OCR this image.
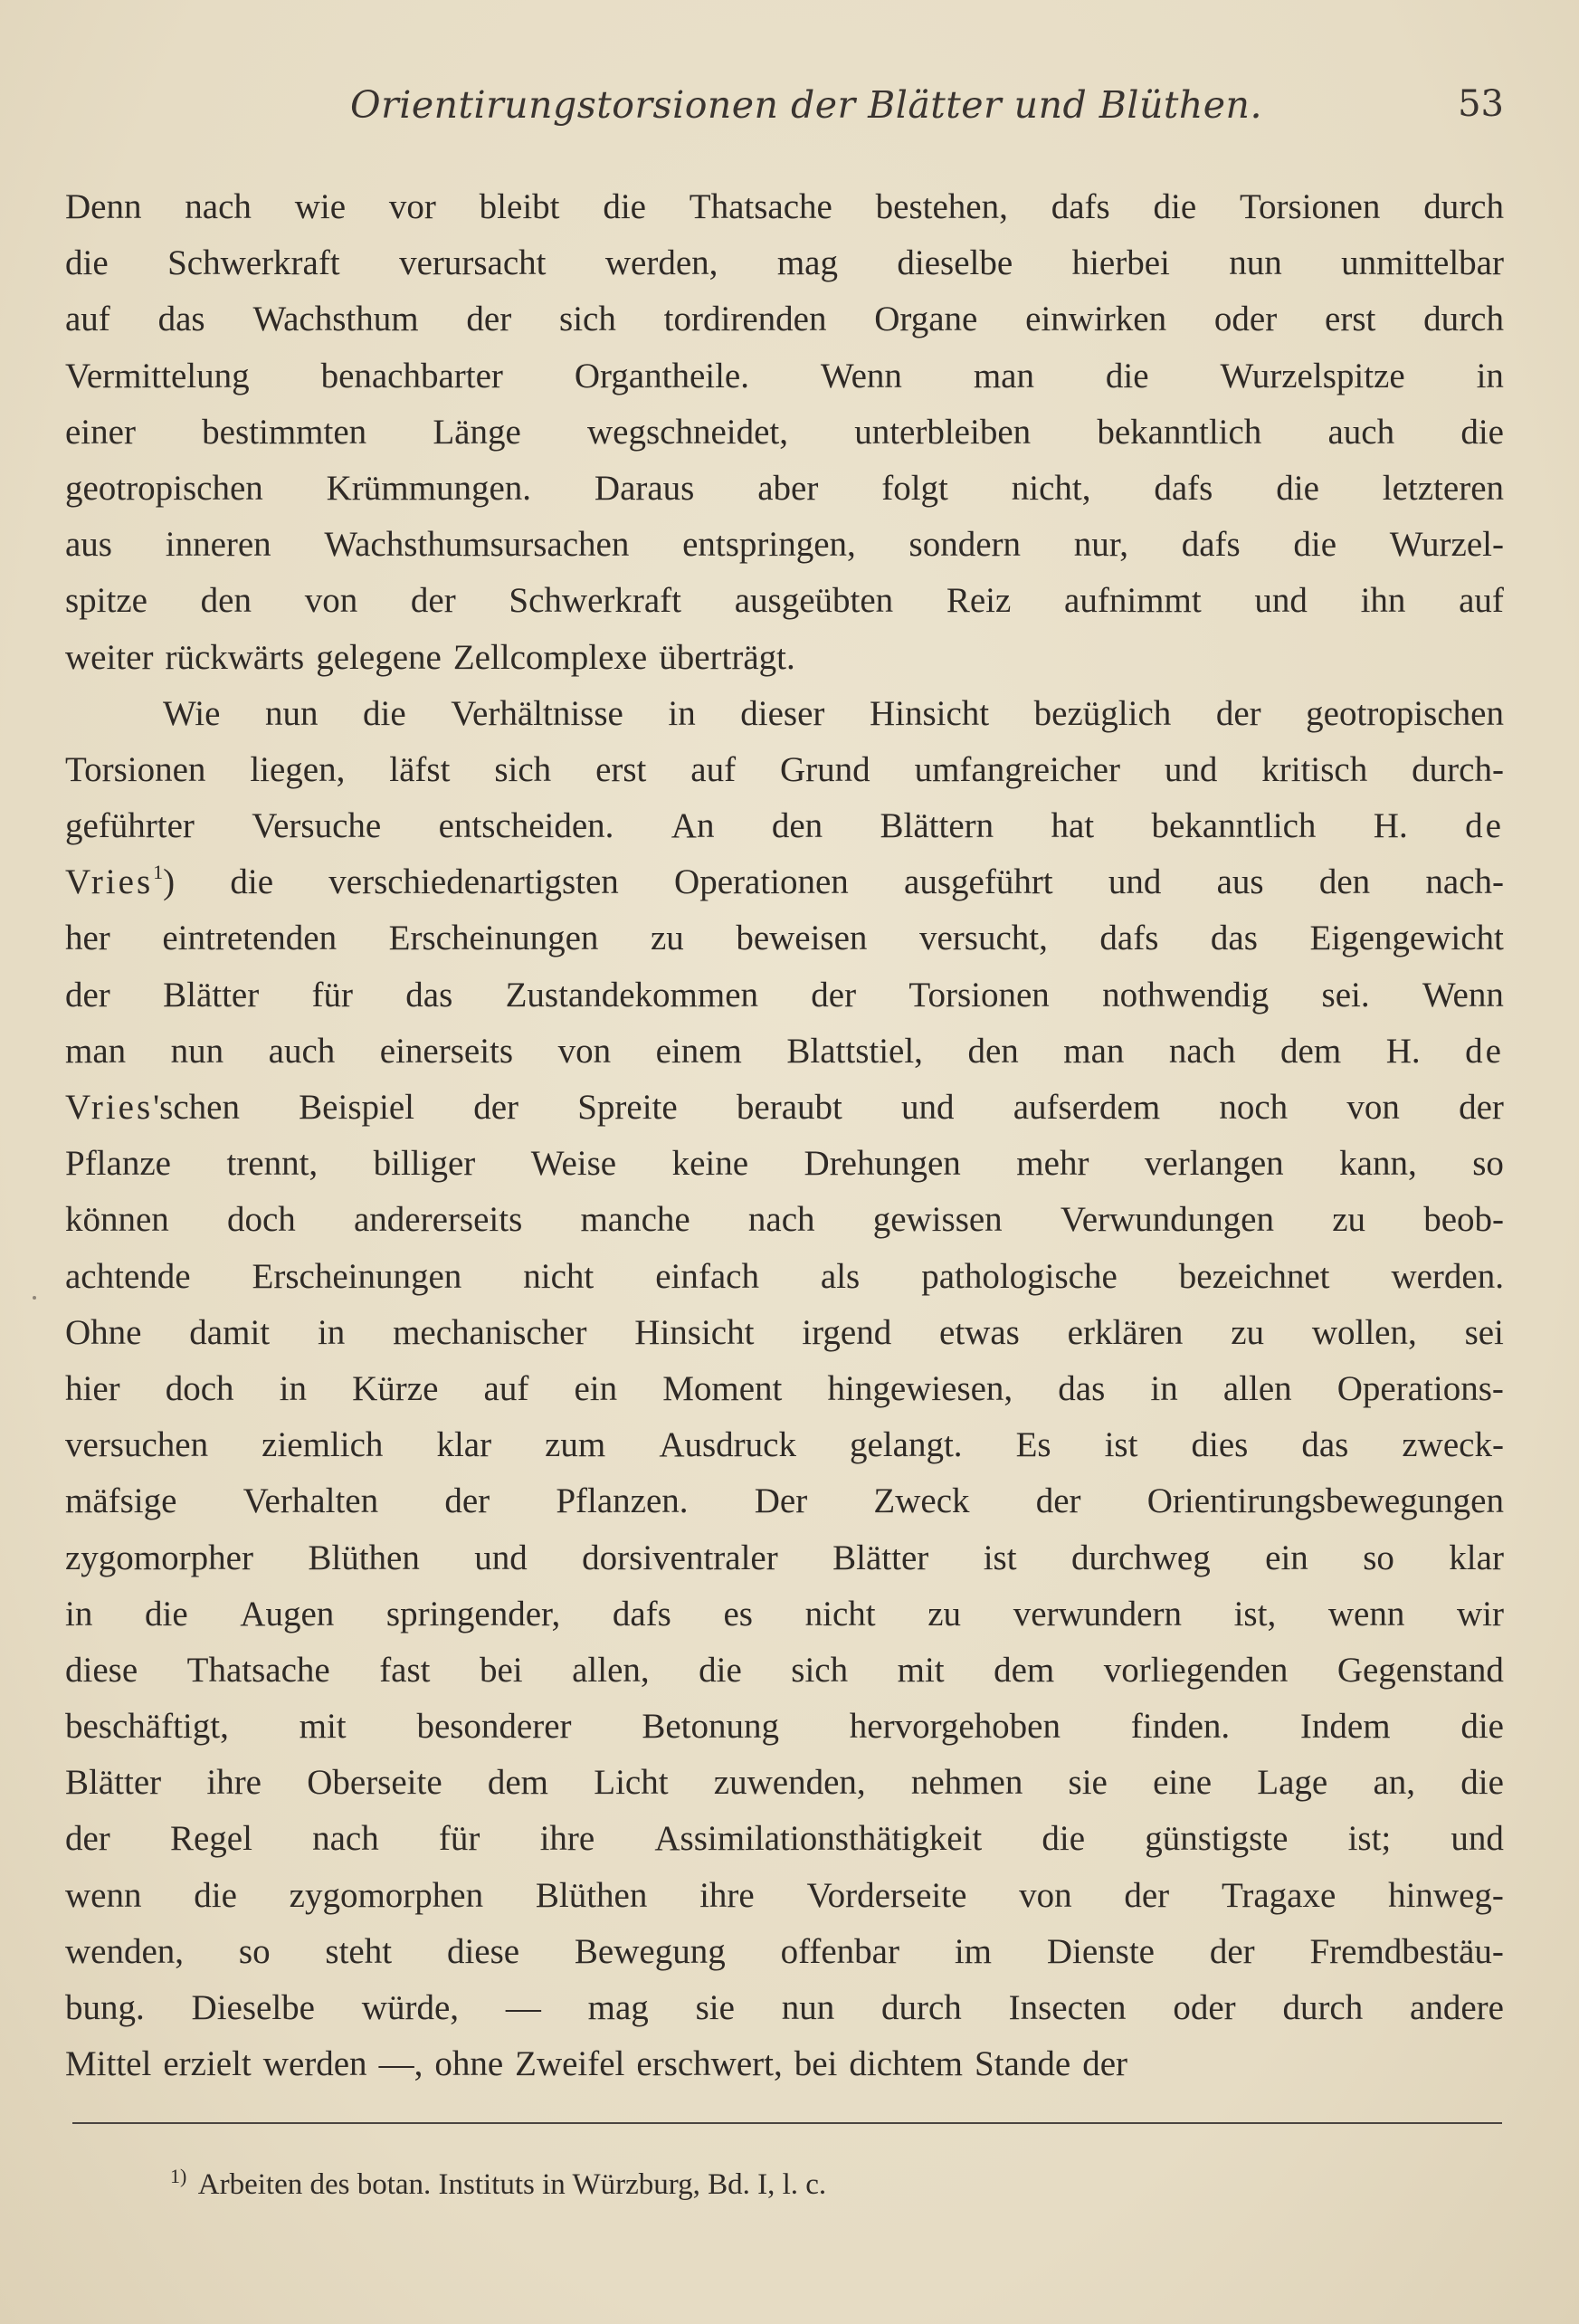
Orientirungstorsionen der Blätter und Blüthen.	53
Denn nach wie vor bleibt die Thatsache bestehen, dafs die Torsionen durch
die Schwerkraft verursacht werden, mag dieselbe hierbei nun unmittelbar
auf das Wachsthum der sich tordirenden Organe einwirken oder erst durch
Vermittelung benachbarter Organtheile. Wenn man die Wurzelspitze in
einer bestimmten Länge wegschneidet, unterbleiben bekanntlich auch die
geotropischen Krümmungen. Daraus aber folgt nicht, dafs die letzteren
aus inneren Wachsthumsursachen entspringen, sondern nur, dafs die Wurzel-
spitze den von der Schwerkraft ausgeübten Reiz aufnimmt und ihn auf
weiter rückwärts gelegene Zellcomplexe überträgt.
Wie nun die Verhältnisse in dieser Hinsicht bezüglich der geotropischen
Torsionen liegen, läfst sich erst auf Grund umfangreicher und kritisch durch-
geführter Versuche entscheiden. An den Blättern hat bekanntlich H. de
Vries$^1$) die verschiedenartigsten Operationen ausgeführt und aus den nach-
her eintretenden Erscheinungen zu beweisen versucht, dafs das Eigengewicht
der Blätter für das Zustandekommen der Torsionen nothwendig sei. Wenn
man nun auch einerseits von einem Blattstiel, den man nach dem H. de
Vries'schen Beispiel der Spreite beraubt und aufserdem noch von der
Pflanze trennt, billiger Weise keine Drehungen mehr verlangen kann, so
können doch andererseits manche nach gewissen Verwundungen zu beob-
achtende Erscheinungen nicht einfach als pathologische bezeichnet werden.
Ohne damit in mechanischer Hinsicht irgend etwas erklären zu wollen, sei
hier doch in Kürze auf ein Moment hingewiesen, das in allen Operations-
versuchen ziemlich klar zum Ausdruck gelangt. Es ist dies das zweck-
mäfsige Verhalten der Pflanzen. Der Zweck der Orientirungsbewegungen
zygomorpher Blüthen und dorsiventraler Blätter ist durchweg ein so klar
in die Augen springender, dafs es nicht zu verwundern ist, wenn wir
diese Thatsache fast bei allen, die sich mit dem vorliegenden Gegenstand
beschäftigt, mit besonderer Betonung hervorgehoben finden. Indem die
Blätter ihre Oberseite dem Licht zuwenden, nehmen sie eine Lage an, die
der Regel nach für ihre Assimilationsthätigkeit die günstigste ist; und
wenn die zygomorphen Blüthen ihre Vorderseite von der Tragaxe hinweg-
wenden, so steht diese Bewegung offenbar im Dienste der Fremdbestäu-
bung. Dieselbe würde, — mag sie nun durch Insecten oder durch andere
Mittel erzielt werden —, ohne Zweifel erschwert, bei dichtem Stande der
$^{1)}$ Arbeiten des botan. Instituts in Würzburg, Bd. I, l. c.
